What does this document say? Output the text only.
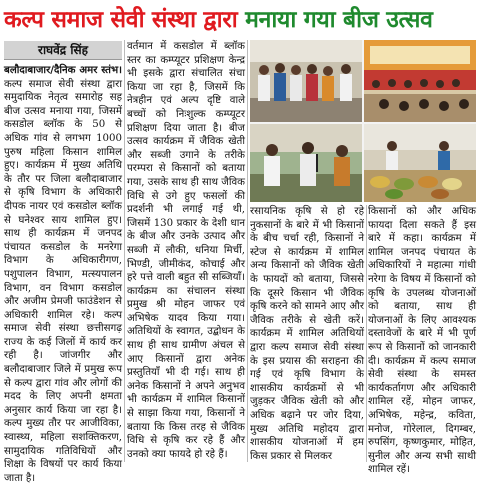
कल्प समाज सेवी संस्था द्वारा मनाया गया बीज उत्सव
राघवेंद्र सिंह

बलौदाबाजार/दैनिक अमर स्तंभ। कल्प समाज सेवी संस्था द्वारा समुदायिक नेतृत्व समारोह सह बीज उत्सव मनाया गया, जिसमें कसडोल ब्लॉक के 50 से अधिक गांव से लगभग 1000 पुरुष महिला किसान शामिल हुए। कार्यक्रम में मुख्य अतिथि के तौर पर जिला बलौदाबाजार से कृषि विभाग के अधिकारी दीपक नायर एवं कसडोल ब्लॉक से घनेश्वर साय शामिल हुए। साथ ही कार्यक्रम में जनपद पंचायत कसडोल के मनरेगा विभाग के अधिकारीगण, पशुपालन विभाग, मत्स्यपालन विभाग, वन विभाग कसडोल और अजीम प्रेमजी फाउंडेशन से अधिकारी शामिल रहे। कल्प समाज सेवी संस्था छत्तीसगढ़ राज्य के कई जिलों में कार्य कर रही है। जांजगीर और बलौदाबाजार जिले में प्रमुख रूप से कल्प द्वारा गांव और लोगों की मदद के लिए अपनी क्षमता अनुसार कार्य किया जा रहा है। कल्प मुख्य तौर पर आजीविका, स्वास्थ्य, महिला सशक्तिकरण, सामुदायिक गतिविधियों और शिक्षा के विषयों पर कार्य किया जाता है।

वर्तमान में कसडोल में ब्लॉक स्तर का कम्प्यूटर प्रशिक्षण केन्द्र भी इसके द्वारा संचालित संचा किया जा रहा है, जिसमें कि नेत्रहीन एवं अल्प दृष्टि वाले बच्चों को निःशुल्क कम्प्यूटर प्रशिक्षण दिया जाता है। बीज उत्सव कार्यक्रम में जैविक खेती और सब्जी उगाने के तरीके परम्परा से किसानों को बताया गया, उसके साथ ही साथ जैविक विधि से उगे हुए फसलों की प्रदर्शनी भी लगाई गई थी, जिसमें 130 प्रकार के देशी धान के बीज और उनके उत्पाद और सब्जी में लौकी, धनिया मिर्ची, भिण्डी, जीमीकंद, कोचाई और हरे पत्ते वाली बहुत सी सब्जियाँ। कार्यक्रम का संचालन संस्था प्रमुख श्री मोहन जाफर एवं अभिषेक यादव किया गया। अतिथियों के स्वागत, उद्बोधन के साथ ही साथ ग्रामीण अंचल से आए किसानों द्वारा अनेक प्रस्तुतियाँ भी दी गई। साथ ही अनेक किसानों ने अपने अनुभव भी कार्यक्रम में शामिल किसानों से साझा किया गया, किसानों ने बताया कि किस तरह से जैविक विधि से कृषि कर रहे हैं और उनको क्या फायदे हो रहे हैं।

रसायनिक कृषि से हो रहे नुकसानों के बारे में भी किसानों के बीच चर्चा रही, किसानों ने स्टेज से कार्यक्रम में शामिल अन्य किसानों को जैविक खेती के फायदों को बताया, जिससे कि दूसरे किसान भी जैविक कृषि करने को सामने आए और जैविक तरीके से खेती करें। कार्यक्रम में शामिल अतिथियों द्वारा कल्प समाज सेवी संस्था के इस प्रयास की सराहना की गई एवं कृषि विभाग के शासकीय कार्यक्रमों से भी जुड़कर जैविक खेती को और अधिक बढ़ाने पर जोर दिया, मुख्य अतिथि महोदय द्वारा शासकीय योजनाओं में हम किस प्रकार से मिलकर

किसानों को और अधिक फायदा दिला सकते हैं इस बारे में कहा। कार्यक्रम में शामिल जनपद पंचायत के अधिकारियों ने महात्मा गांधी नरेगा के विषय में किसानों को कृषि के उपलब्ध योजनाओं को बताया, साथ ही योजनाओं के लिए आवश्यक दस्तावेजों के बारे में भी पूर्ण रूप से किसानों को जानकारी दी। कार्यक्रम में कल्प समाज सेवी संस्था के समस्त कार्यकर्तागण और अधिकारी शामिल रहें, मोहन जाफर, अभिषेक, महेन्द्र, कविता, मनोज, गोरेलाल, दिगम्बर, रुपसिंग, कृष्णकुमार, मोहित, सुनील और अन्य सभी साथी शामिल रहें।
